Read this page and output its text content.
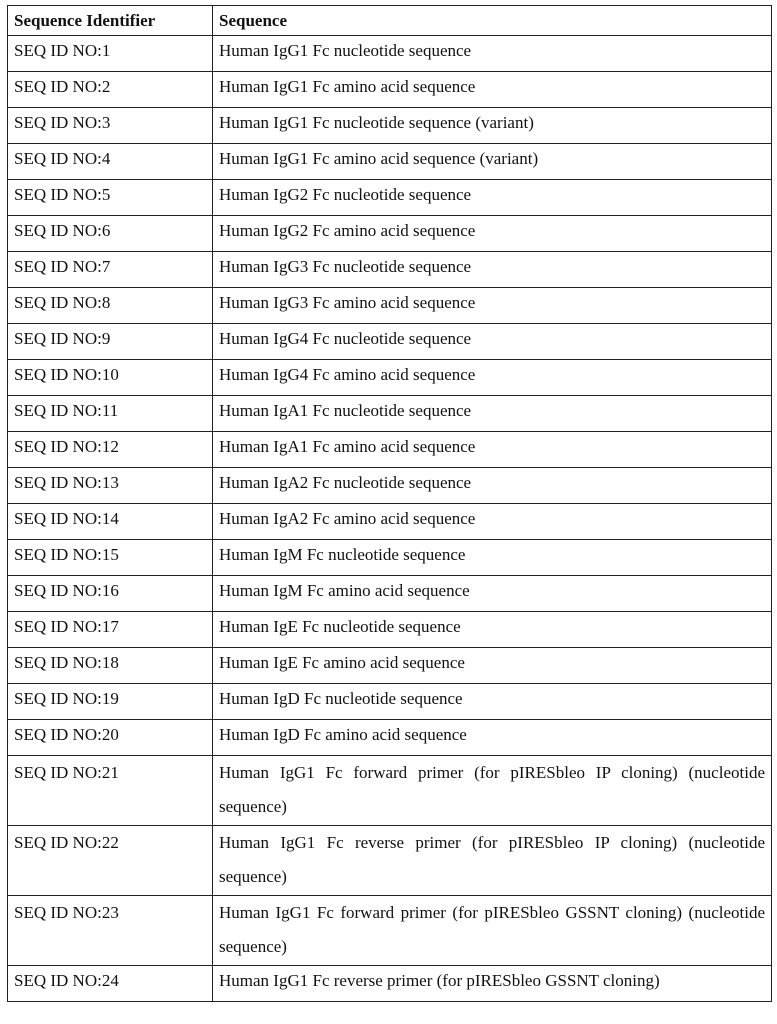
Sequence Identifier	Sequence
SEQ ID NO:1	Human IgG1 Fc nucleotide sequence
SEQ ID NO:2	Human IgG1 Fc amino acid sequence
SEQ ID NO:3	Human IgG1 Fc nucleotide sequence (variant)
SEQ ID NO:4	Human IgG1 Fc amino acid sequence (variant)
SEQ ID NO:5	Human IgG2 Fc nucleotide sequence
SEQ ID NO:6	Human IgG2 Fc amino acid sequence
SEQ ID NO:7	Human IgG3 Fc nucleotide sequence
SEQ ID NO:8	Human IgG3 Fc amino acid sequence
SEQ ID NO:9	Human IgG4 Fc nucleotide sequence
SEQ ID NO:10	Human IgG4 Fc amino acid sequence
SEQ ID NO:11	Human IgA1 Fc nucleotide sequence
SEQ ID NO:12	Human IgA1 Fc amino acid sequence
SEQ ID NO:13	Human IgA2 Fc nucleotide sequence
SEQ ID NO:14	Human IgA2 Fc amino acid sequence
SEQ ID NO:15	Human IgM Fc nucleotide sequence
SEQ ID NO:16	Human IgM Fc amino acid sequence
SEQ ID NO:17	Human IgE Fc nucleotide sequence
SEQ ID NO:18	Human IgE Fc amino acid sequence
SEQ ID NO:19	Human IgD Fc nucleotide sequence
SEQ ID NO:20	Human IgD Fc amino acid sequence
SEQ ID NO:21	Human IgG1 Fc forward primer (for pIRESbleo IP cloning) (nucleotide sequence)
SEQ ID NO:22	Human IgG1 Fc reverse primer (for pIRESbleo IP cloning) (nucleotide sequence)
SEQ ID NO:23	Human IgG1 Fc forward primer (for pIRESbleo GSSNT cloning) (nucleotide sequence)
SEQ ID NO:24	Human IgG1 Fc reverse primer (for pIRESbleo GSSNT cloning)
